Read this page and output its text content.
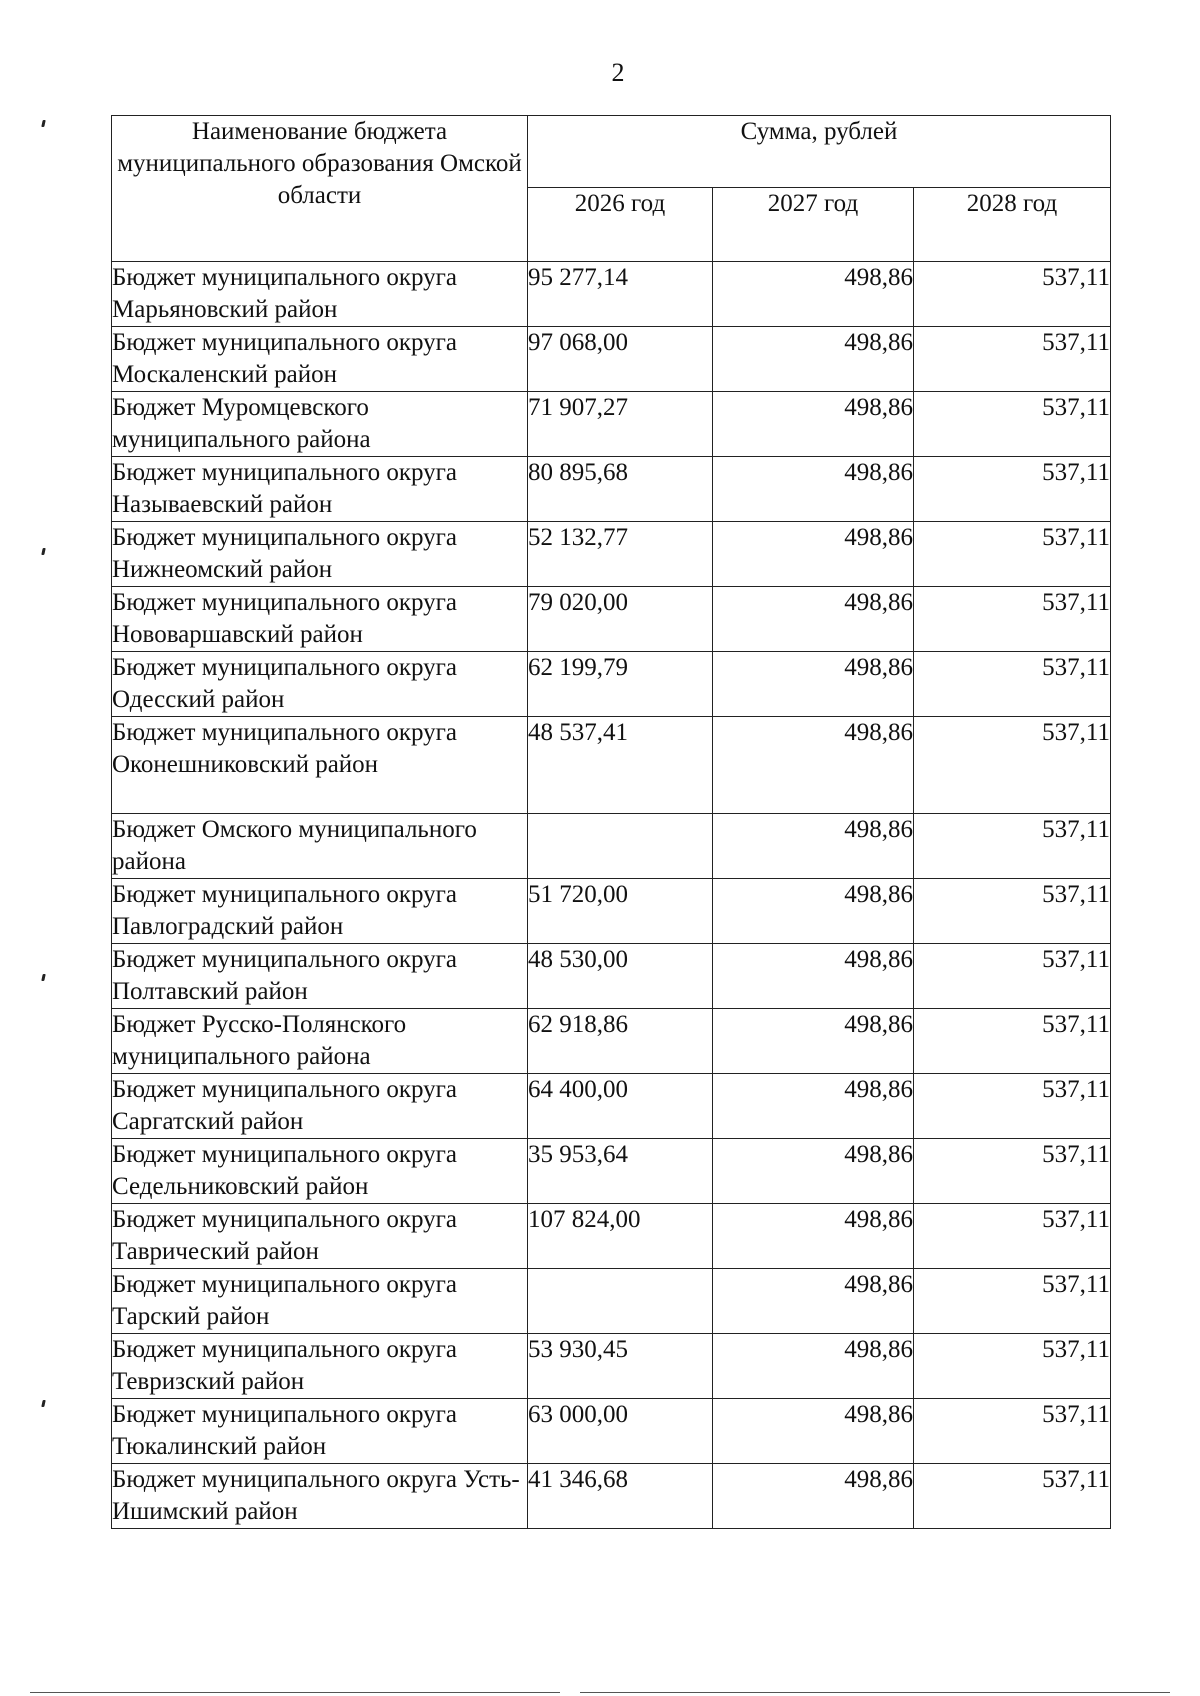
2
Наименование бюджета муниципального образования Омской области	Сумма, рублей		
	2026 год	2027 год	2028 год
Бюджет муниципального округа Марьяновский район	95 277,14	498,86	537,11
Бюджет муниципального округа Москаленский район	97 068,00	498,86	537,11
Бюджет Муромцевского муниципального района	71 907,27	498,86	537,11
Бюджет муниципального округа Называевский район	80 895,68	498,86	537,11
Бюджет муниципального округа Нижнеомский район	52 132,77	498,86	537,11
Бюджет муниципального округа Нововаршавский район	79 020,00	498,86	537,11
Бюджет муниципального округа Одесский район	62 199,79	498,86	537,11
Бюджет муниципального округа Оконешниковский район	48 537,41	498,86	537,11
Бюджет Омского муниципального района		498,86	537,11
Бюджет муниципального округа Павлоградский район	51 720,00	498,86	537,11
Бюджет муниципального округа Полтавский район	48 530,00	498,86	537,11
Бюджет Русско-Полянского муниципального района	62 918,86	498,86	537,11
Бюджет муниципального округа Саргатский район	64 400,00	498,86	537,11
Бюджет муниципального округа Седельниковский район	35 953,64	498,86	537,11
Бюджет муниципального округа Таврический район	107 824,00	498,86	537,11
Бюджет муниципального округа Тарский район		498,86	537,11
Бюджет муниципального округа Тевризский район	53 930,45	498,86	537,11
Бюджет муниципального округа Тюкалинский район	63 000,00	498,86	537,11
Бюджет муниципального округа Усть-Ишимский район	41 346,68	498,86	537,11
